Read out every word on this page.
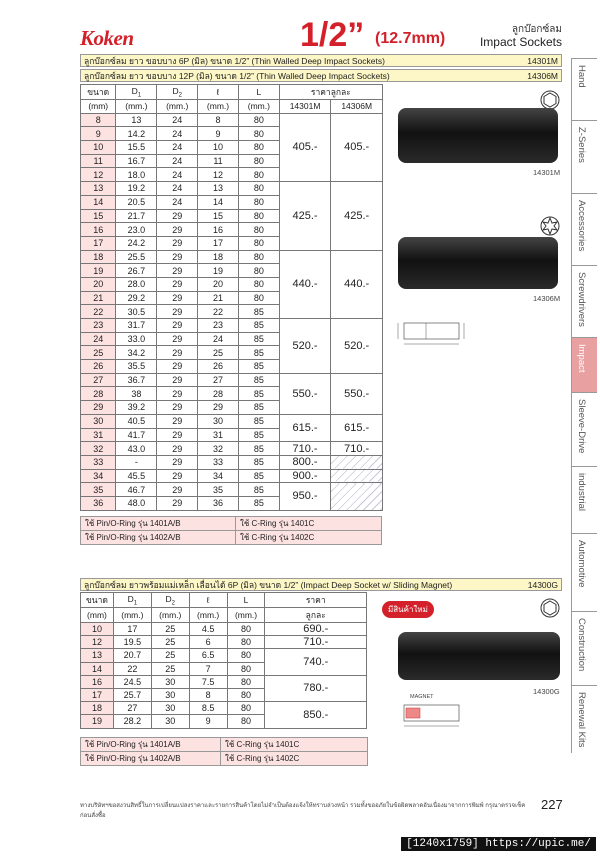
Koken	1/2” (12.7mm)
ลูกบ๊อกซ์ลม
Impact Sockets
ลูกบ๊อกซ์ลม ยาว ขอบบาง 6P (มิล) ขนาด 1/2” (Thin Walled Deep Impact Sockets)	14301M
ลูกบ๊อกซ์ลม ยาว ขอบบาง 12P (มิล) ขนาด 1/2” (Thin Walled Deep Impact Sockets)	14306M
ขนาด	$D_1$	$D_2$	ℓ	L	ราคาลูกละ	
(mm)	(mm.)	(mm.)	(mm.)	(mm.)	14301M	14306M
8	13	24	8	80	405.-	405.-
9	14.2	24	9	80		
10	15.5	24	10	80		
11	16.7	24	11	80		
12	18.0	24	12	80		
13	19.2	24	13	80	425.-	425.-
14	20.5	24	14	80		
15	21.7	29	15	80		
16	23.0	29	16	80		
17	24.2	29	17	80		
18	25.5	29	18	80	440.-	440.-
19	26.7	29	19	80		
20	28.0	29	20	80		
21	29.2	29	21	80		
22	30.5	29	22	85		
23	31.7	29	23	85	520.-	520.-
24	33.0	29	24	85		
25	34.2	29	25	85		
26	35.5	29	26	85		
27	36.7	29	27	85	550.-	550.-
28	38	29	28	85		
29	39.2	29	29	85		
30	40.5	29	30	85	615.-	615.-
31	41.7	29	31	85		
32	43.0	29	32	85	710.-	710.-
33	-	29	33	85	800.-	
34	45.5	29	34	85	900.-	
35	46.7	29	35	85	950.-	
36	48.0	29	36	85		
ใช้ Pin/O-Ring รุ่น 1401A/B	ใช้ C-Ring รุ่น 1401C
ใช้ Pin/O-Ring รุ่น 1402A/B	ใช้ C-Ring รุ่น 1402C
14301M
14306M
ลูกบ๊อกซ์ลม ยาวพร้อมแม่เหล็ก เลื่อนได้ 6P (มิล) ขนาด 1/2” (Impact Deep Socket w/ Sliding Magnet)	14300G
ขนาด	$D_1$	$D_2$	ℓ	L	ราคา
(mm)	(mm.)	(mm.)	(mm.)	(mm.)	ลูกละ
10	17	25	4.5	80	690.-
12	19.5	25	6	80	710.-
13	20.7	25	6.5	80	740.-
14	22	25	7	80	
16	24.5	30	7.5	80	780.-
17	25.7	30	8	80	
18	27	30	8.5	80	850.-
19	28.2	30	9	80	
ใช้ Pin/O-Ring รุ่น 1401A/B	ใช้ C-Ring รุ่น 1401C
ใช้ Pin/O-Ring รุ่น 1402A/B	ใช้ C-Ring รุ่น 1402C
มีสินค้าใหม่
14300G
MAGNET
Hand
Z-Series
Accessories
Screwdrivers
Impact
Sleeve-Drive
industrial
Automotive
Construction
Renewal Kits
ทางบริษัทฯขอสงวนสิทธิ์ในการเปลี่ยนแปลงราคาและรายการสินค้าโดยไม่จำเป็นต้องแจ้งให้ทราบล่วงหน้า รวมทั้งขออภัยในข้อผิดพลาดอันเนื่องมาจากการพิมพ์ กรุณาตรวจเช็คก่อนสั่งซื้อ
227
[1240x1759] https://upic.me/
